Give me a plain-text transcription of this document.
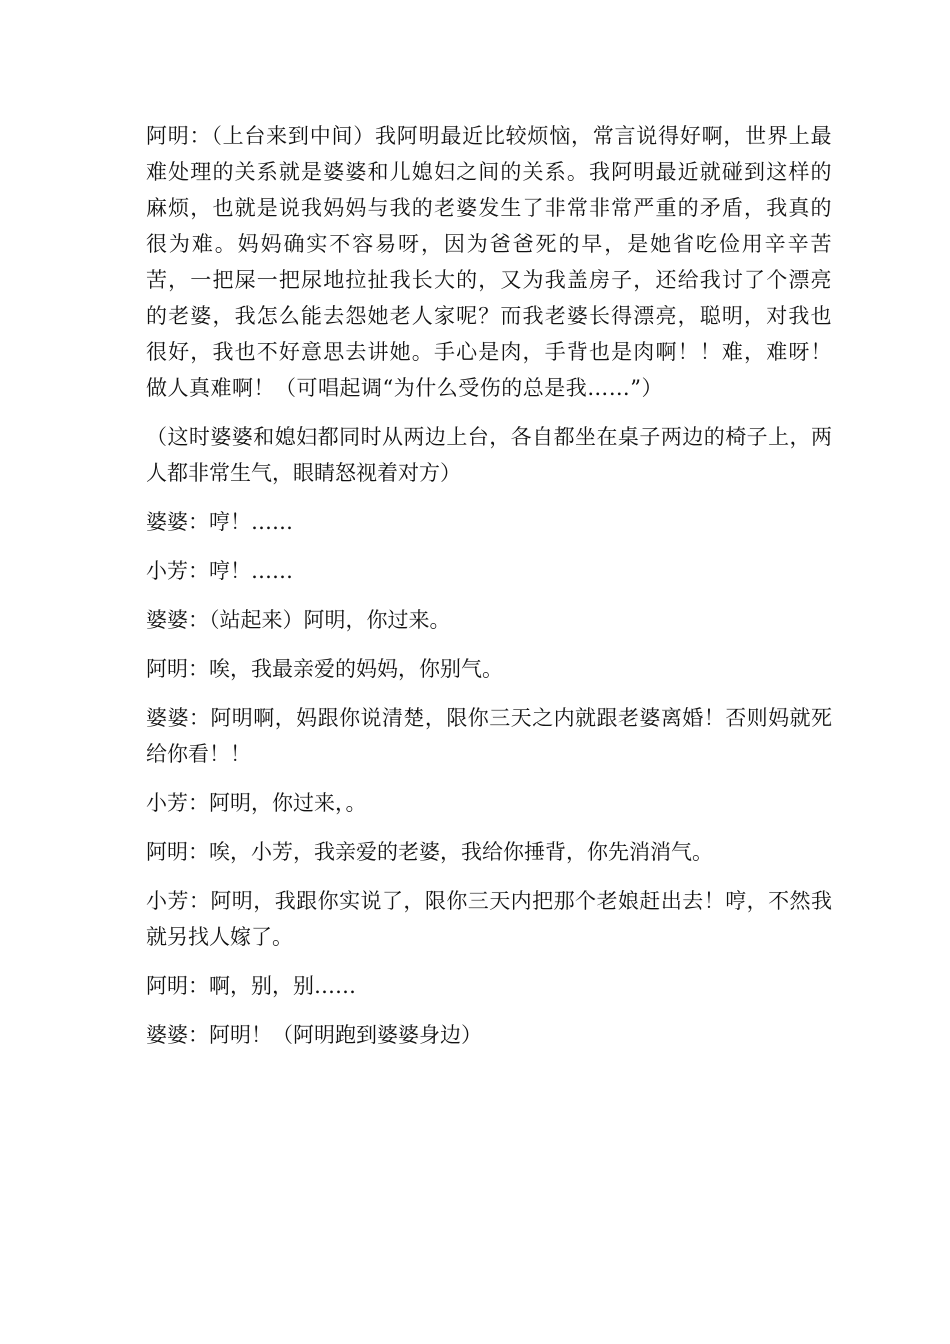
阿明：（上台来到中间）我阿明最近比较烦恼，常言说得好啊，世界上最难处理的关系就是婆婆和儿媳妇之间的关系。我阿明最近就碰到这样的麻烦，也就是说我妈妈与我的老婆发生了非常非常严重的矛盾，我真的很为难。妈妈确实不容易呀，因为爸爸死的早，是她省吃俭用辛辛苦苦，一把屎一把尿地拉扯我长大的，又为我盖房子，还给我讨了个漂亮的老婆，我怎么能去怨她老人家呢？而我老婆长得漂亮，聪明，对我也很好，我也不好意思去讲她。手心是肉，手背也是肉啊！！难，难呀！做人真难啊！（可唱起调“为什么受伤的总是我……”）

（这时婆婆和媳妇都同时从两边上台，各自都坐在桌子两边的椅子上，两人都非常生气，眼睛怒视着对方）

婆婆：哼！……

小芳：哼！……

婆婆：（站起来）阿明，你过来。

阿明：唉，我最亲爱的妈妈，你别气。

婆婆：阿明啊，妈跟你说清楚，限你三天之内就跟老婆离婚！否则妈就死给你看！！

小芳：阿明，你过来，。

阿明：唉，小芳，我亲爱的老婆，我给你捶背，你先消消气。

小芳：阿明，我跟你实说了，限你三天内把那个老娘赶出去！哼，不然我就另找人嫁了。

阿明：啊，别，别……

婆婆：阿明！（阿明跑到婆婆身边）
